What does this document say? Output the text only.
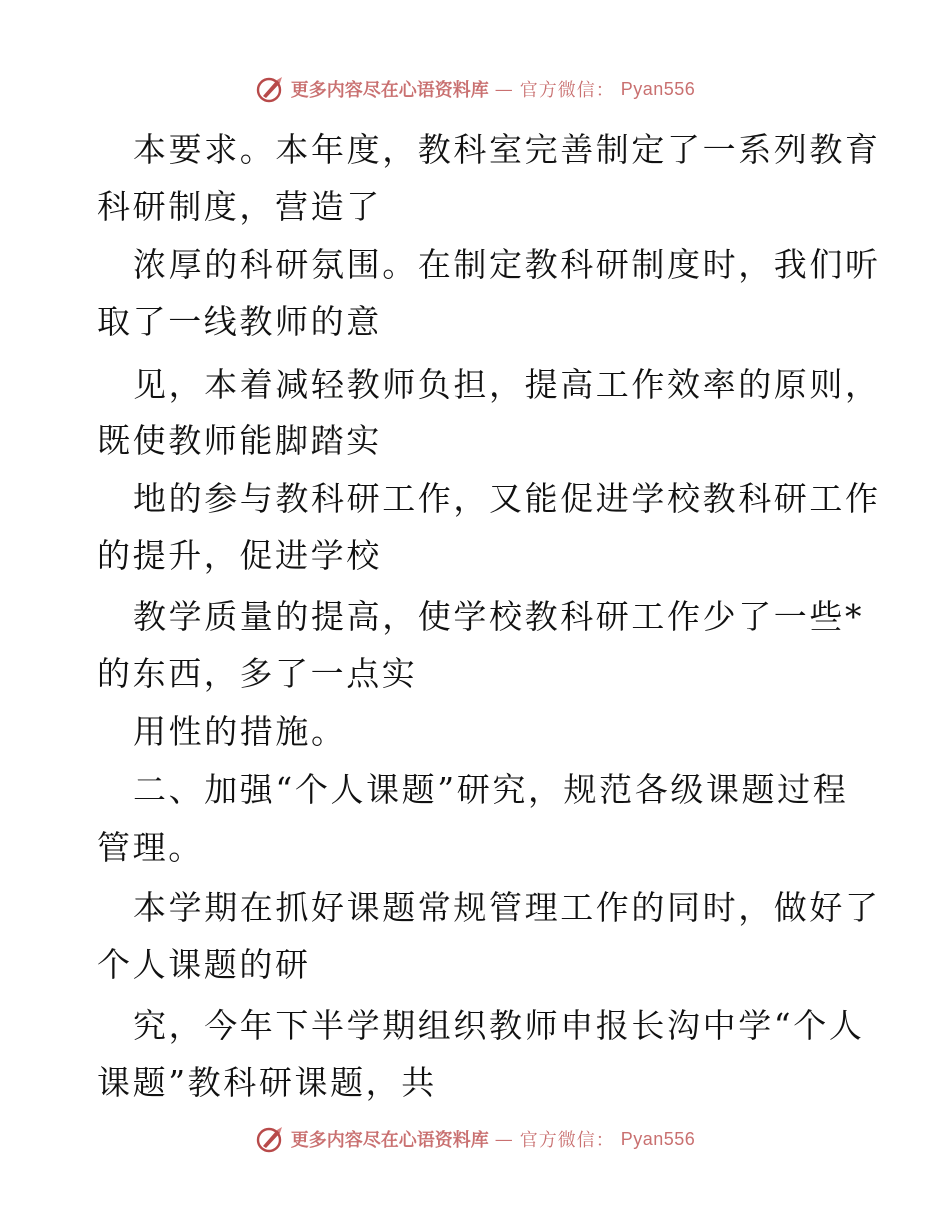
更多内容尽在心语资料库 — 官方微信： Pyan556
本要求。本年度，教科室完善制定了一系列教育
科研制度，营造了
浓厚的科研氛围。在制定教科研制度时，我们听
取了一线教师的意
见，本着减轻教师负担，提高工作效率的原则，
既使教师能脚踏实
地的参与教科研工作，又能促进学校教科研工作
的提升，促进学校
教学质量的提高，使学校教科研工作少了一些*
的东西，多了一点实
用性的措施。
二、加强“个人课题”研究，规范各级课题过程
管理。
本学期在抓好课题常规管理工作的同时，做好了
个人课题的研
究，今年下半学期组织教师申报长沟中学“个人
课题”教科研课题，共
更多内容尽在心语资料库 — 官方微信： Pyan556
